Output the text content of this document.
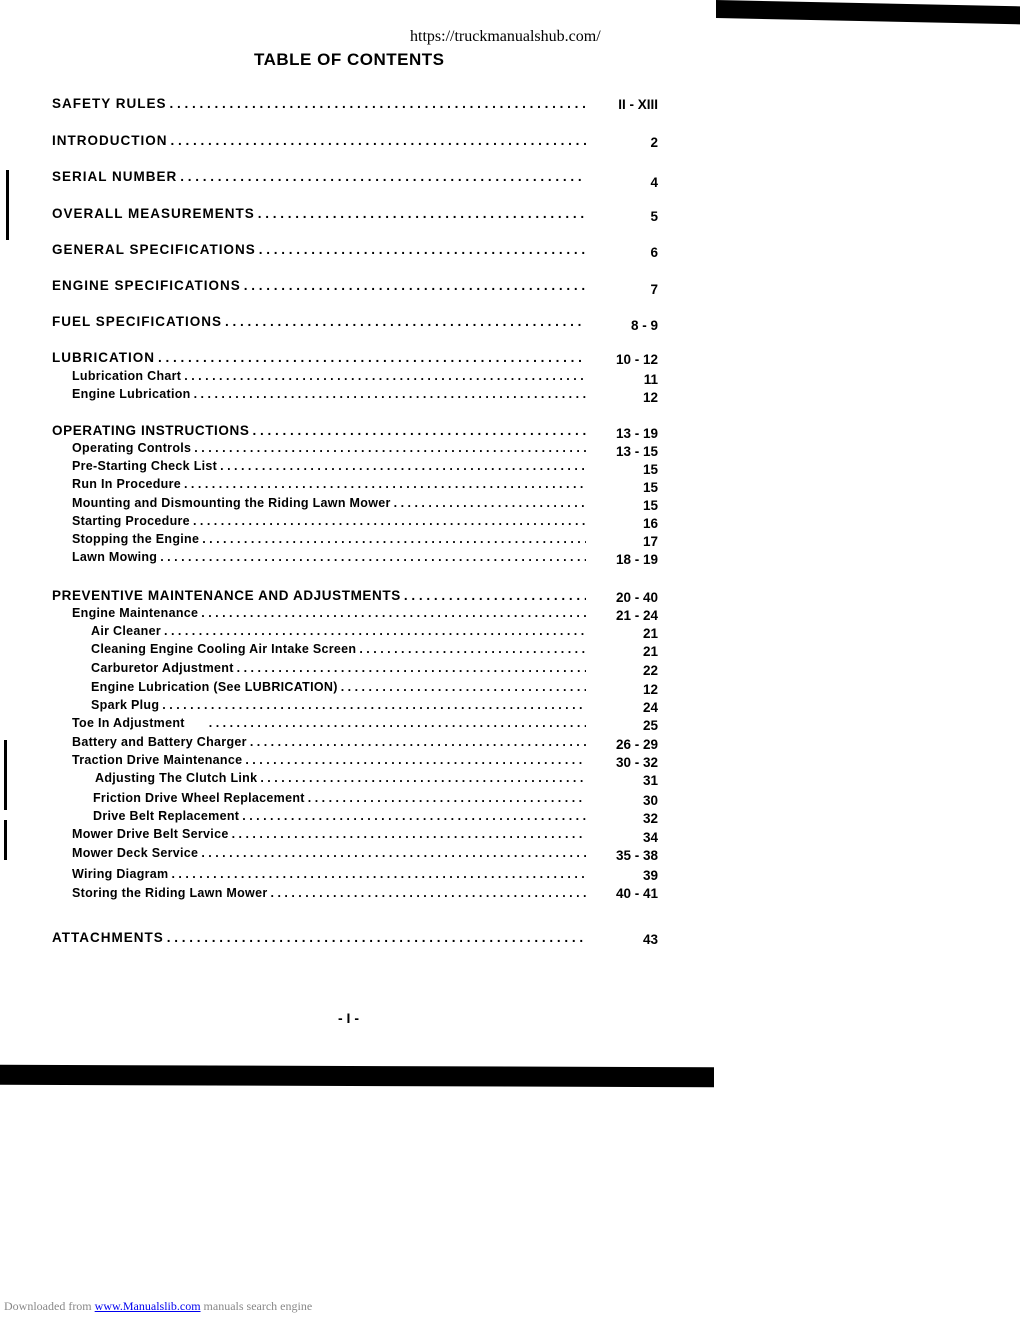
https://truckmanualshub.com/
TABLE OF CONTENTS
SAFETY RULES . . .	II - XIII
INTRODUCTION . . .	2
SERIAL NUMBER . . .	4
OVERALL MEASUREMENTS . . .	5
GENERAL SPECIFICATIONS . . .	6
ENGINE SPECIFICATIONS . . .	7
FUEL SPECIFICATIONS . . .	8 - 9
LUBRICATION . . .	10 - 12
Lubrication Chart . . .	11
Engine Lubrication . . .	12
OPERATING INSTRUCTIONS . . .	13 - 19
Operating Controls . . .	13 - 15
Pre-Starting Check List . . .	15
Run In Procedure . . .	15
Mounting and Dismounting the Riding Lawn Mower . . .	15
Starting Procedure . . .	16
Stopping the Engine . . .	17
Lawn Mowing . . .	18 - 19
PREVENTIVE MAINTENANCE AND ADJUSTMENTS . . .	20 - 40
Engine Maintenance . . .	21 - 24
Air Cleaner . . .	21
Cleaning Engine Cooling Air Intake Screen . . .	21
Carburetor Adjustment . . .	22
Engine Lubrication (See LUBRICATION) . . .	12
Spark Plug . . .	24
Toe In Adjustment . . .	25
Battery and Battery Charger . . .	26 - 29
Traction Drive Maintenance . . .	30 - 32
Adjusting The Clutch Link . . .	31
Friction Drive Wheel Replacement . . .	30
Drive Belt Replacement . . .	32
Mower Drive Belt Service . . .	34
Mower Deck Service . . .	35 - 38
Wiring Diagram . . .	39
Storing the Riding Lawn Mower . . .	40 - 41
ATTACHMENTS . . .	43
- I -
Downloaded from www.Manualslib.com manuals search engine
